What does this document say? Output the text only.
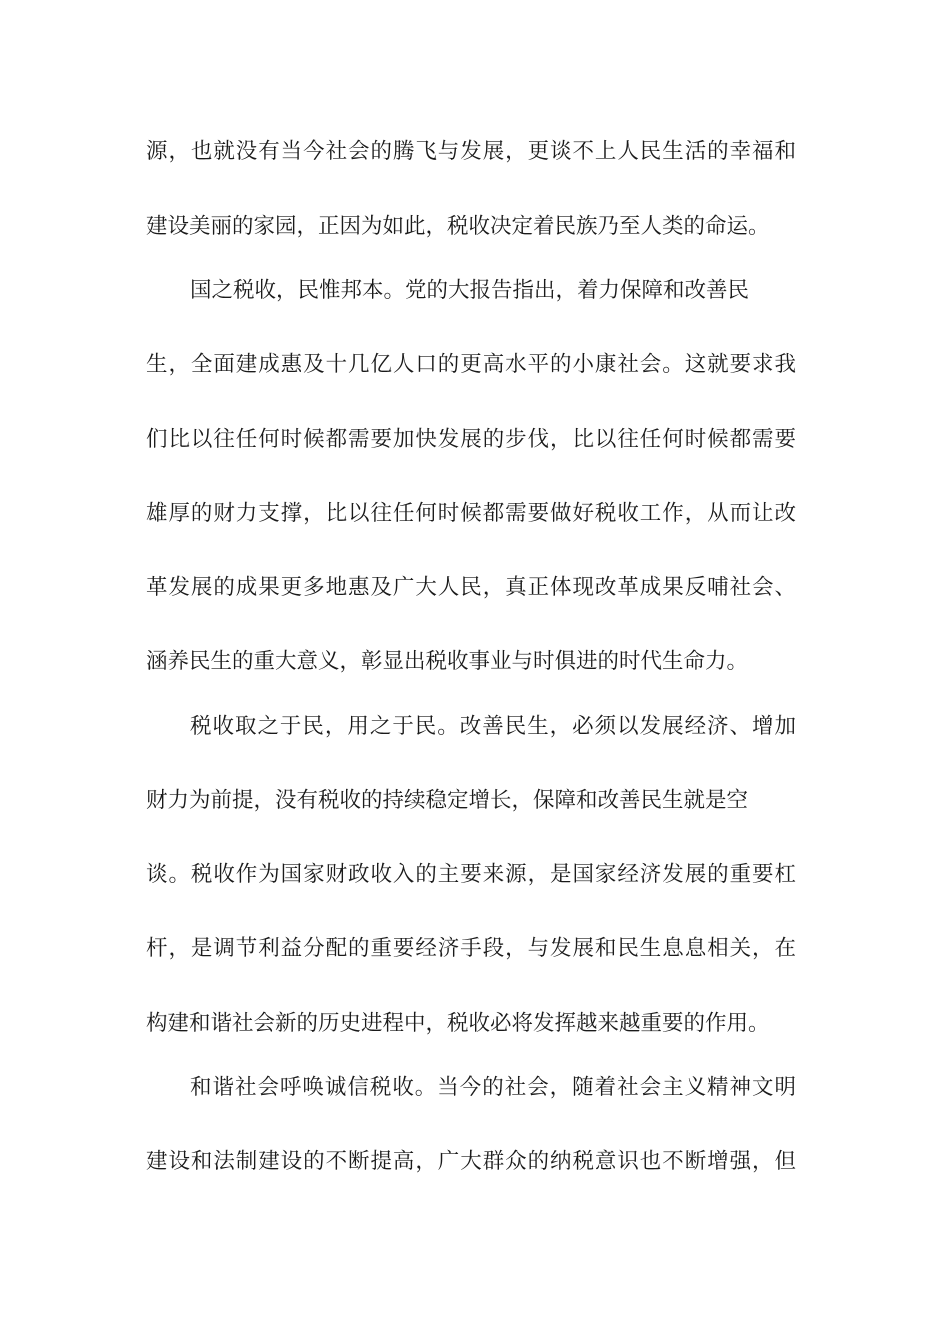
源，也就没有当今社会的腾飞与发展，更谈不上人民生活的幸福和
建设美丽的家园，正因为如此，税收决定着民族乃至人类的命运。
国之税收，民惟邦本。党的大报告指出，着力保障和改善民
生，全面建成惠及十几亿人口的更高水平的小康社会。这就要求我
们比以往任何时候都需要加快发展的步伐，比以往任何时候都需要
雄厚的财力支撑，比以往任何时候都需要做好税收工作，从而让改
革发展的成果更多地惠及广大人民，真正体现改革成果反哺社会、
涵养民生的重大意义，彰显出税收事业与时俱进的时代生命力。
税收取之于民，用之于民。改善民生，必须以发展经济、增加
财力为前提，没有税收的持续稳定增长，保障和改善民生就是空
谈。税收作为国家财政收入的主要来源，是国家经济发展的重要杠
杆，是调节利益分配的重要经济手段，与发展和民生息息相关，在
构建和谐社会新的历史进程中，税收必将发挥越来越重要的作用。
和谐社会呼唤诚信税收。当今的社会，随着社会主义精神文明
建设和法制建设的不断提高，广大群众的纳税意识也不断增强，但
